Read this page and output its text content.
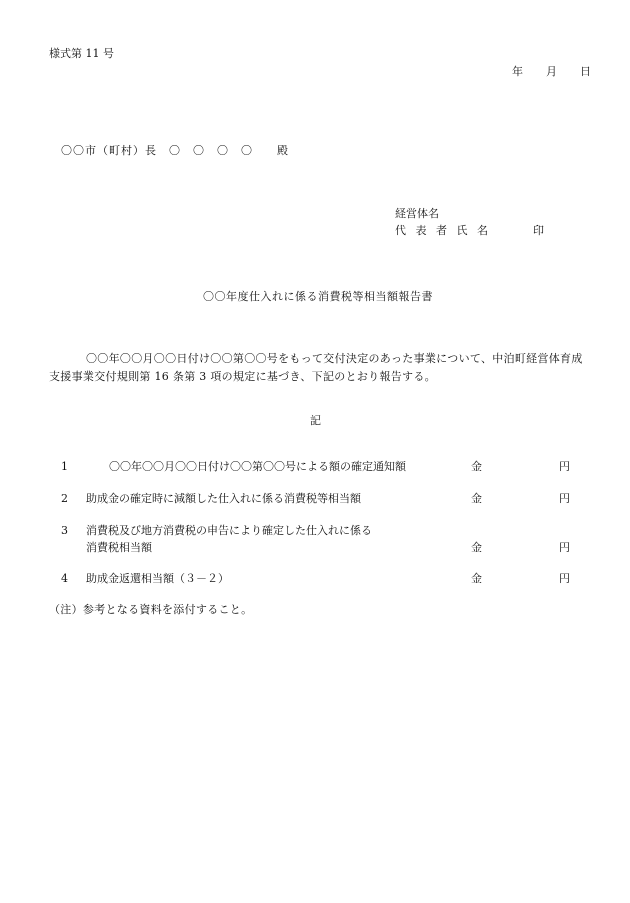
様式第 11 号
年　月　日
〇〇市（町村）長　〇　〇　〇　〇　　殿
経営体名
代 表 者 氏 名　　　印
〇〇年度仕入れに係る消費税等相当額報告書
〇〇年〇〇月〇〇日付け〇〇第〇〇号をもって交付決定のあった事業について、中泊町経営体育成支援事業交付規則第 16 条第 3 項の規定に基づき、下記のとおり報告する。
記
1	〇〇年〇〇月〇〇日付け〇〇第〇〇号による額の確定通知額	金	円
2 助成金の確定時に減額した仕入れに係る消費税等相当額	金	円
3 消費税及び地方消費税の申告により確定した仕入れに係る
消費税相当額	金	円
4 助成金返還相当額（３－２）	金	円
（注）参考となる資料を添付すること。
